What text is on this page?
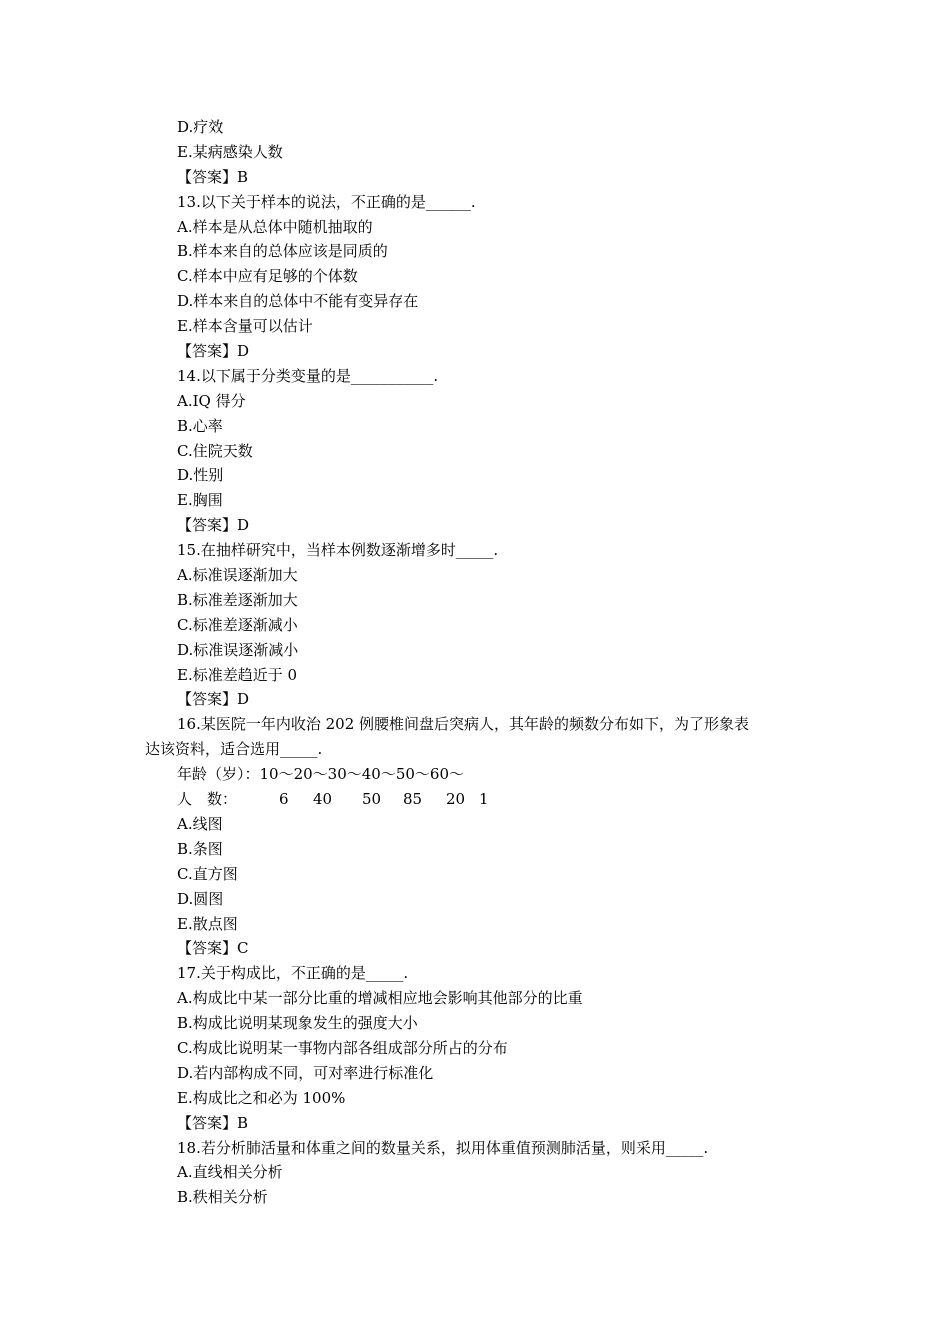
D.疗效
E.某病感染人数
【答案】B
13.以下关于样本的说法，不正确的是______.
A.样本是从总体中随机抽取的
B.样本来自的总体应该是同质的
C.样本中应有足够的个体数
D.样本来自的总体中不能有变异存在
E.样本含量可以估计
【答案】D
14.以下属于分类变量的是___________.
A.IQ 得分
B.心率
C.住院天数
D.性别
E.胸围
【答案】D
15.在抽样研究中，当样本例数逐渐增多时_____.
A.标准误逐渐加大
B.标准差逐渐加大
C.标准差逐渐减小
D.标准误逐渐减小
E.标准差趋近于 0
【答案】D
16.某医院一年内收治 202 例腰椎间盘后突病人，其年龄的频数分布如下，为了形象表
达该资料，适合选用_____.
年龄（岁）：10～20～30～40～50～60～
人　数：	6 40 50 85 20 1
A.线图
B.条图
C.直方图
D.圆图
E.散点图
【答案】C
17.关于构成比，不正确的是_____.
A.构成比中某一部分比重的增减相应地会影响其他部分的比重
B.构成比说明某现象发生的强度大小
C.构成比说明某一事物内部各组成部分所占的分布
D.若内部构成不同，可对率进行标准化
E.构成比之和必为 100%
【答案】B
18.若分析肺活量和体重之间的数量关系，拟用体重值预测肺活量，则采用_____.
A.直线相关分析
B.秩相关分析
